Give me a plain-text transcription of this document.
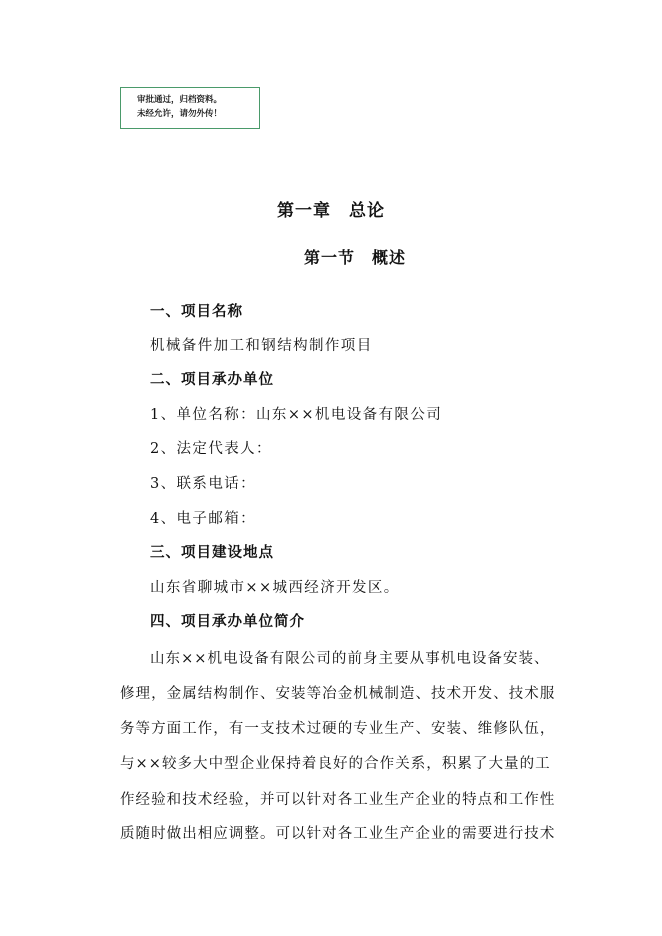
审批通过，归档资料。
未经允许，请勿外传！
第一章　总论
第一节　概述
一、项目名称
机械备件加工和钢结构制作项目
二、项目承办单位
1、单位名称：山东××机电设备有限公司
2、法定代表人：
3、联系电话：
4、电子邮箱：
三、项目建设地点
山东省聊城市××城西经济开发区。
四、项目承办单位简介
山东××机电设备有限公司的前身主要从事机电设备安装、
修理，金属结构制作、安装等冶金机械制造、技术开发、技术服
务等方面工作，有一支技术过硬的专业生产、安装、维修队伍，
与××较多大中型企业保持着良好的合作关系，积累了大量的工
作经验和技术经验，并可以针对各工业生产企业的特点和工作性
质随时做出相应调整。可以针对各工业生产企业的需要进行技术
